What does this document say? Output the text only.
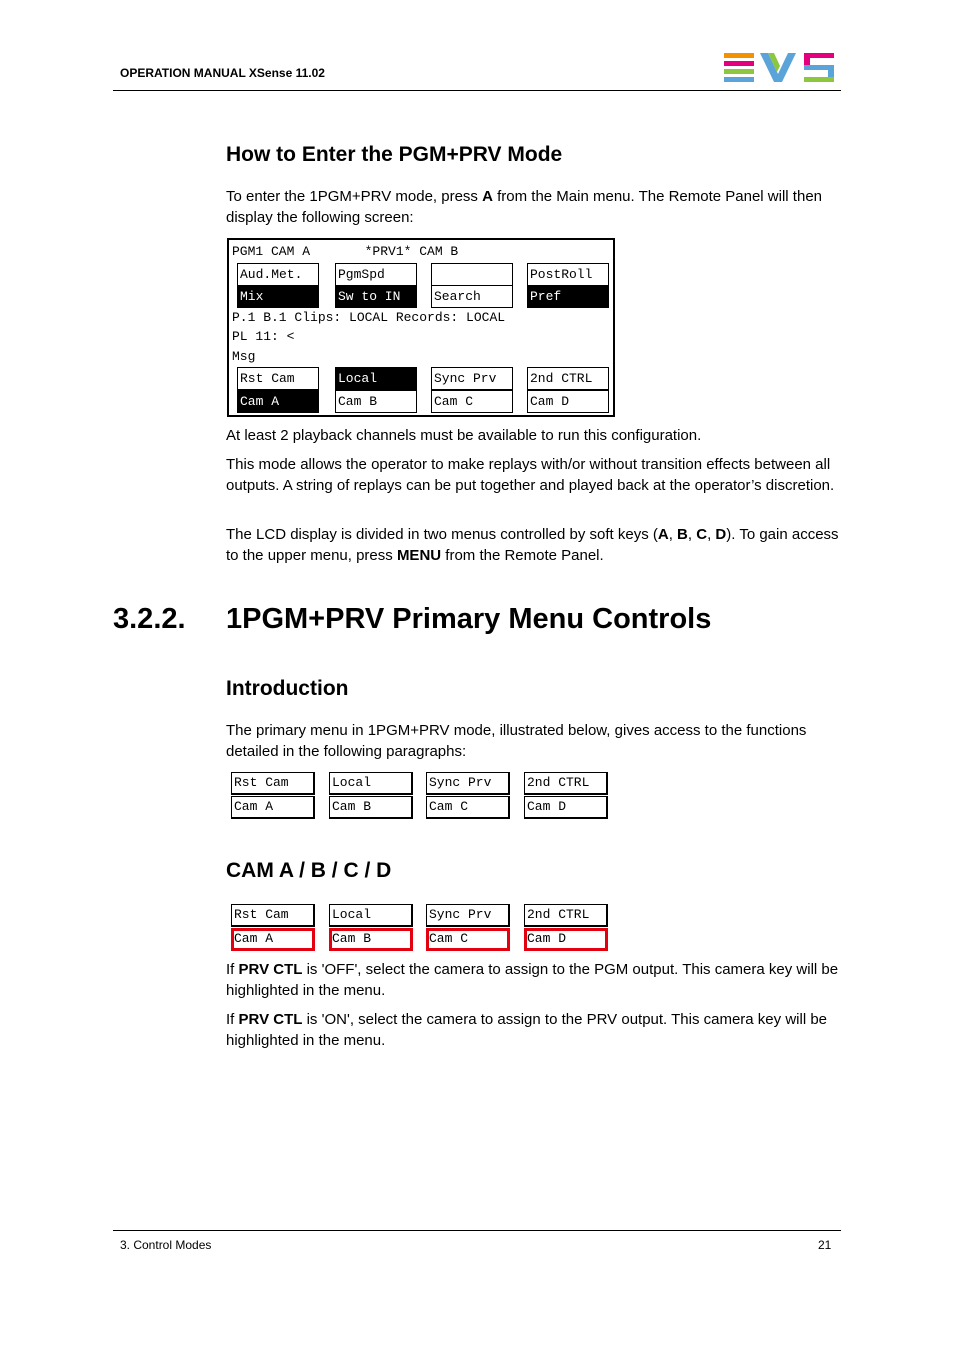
OPERATION MANUAL XSense 11.02
How to Enter the PGM+PRV Mode
To enter the 1PGM+PRV mode, press A from the Main menu. The Remote Panel will then display the following screen:
PGM1 CAM A       *PRV1* CAM B
Aud.Met.
Mix
PgmSpd
Sw to IN	Search
PostRoll
Pref
P.1 B.1 Clips: LOCAL Records: LOCAL
PL 11: <
Msg
Rst Cam
Cam A
Local
Cam B
Sync Prv
Cam C
2nd CTRL
Cam D
At least 2 playback channels must be available to run this configuration.
This mode allows the operator to make replays with/or without transition effects between all outputs. A string of replays can be put together and played back at the operator’s discretion.
The LCD display is divided in two menus controlled by soft keys (A, B, C, D). To gain access to the upper menu, press MENU from the Remote Panel.
3.2.2. 1PGM+PRV Primary Menu Controls
Introduction
The primary menu in 1PGM+PRV mode, illustrated below, gives access to the functions detailed in the following paragraphs:
Rst Cam
Cam A
Local
Cam B
Sync Prv
Cam C
2nd CTRL
Cam D
CAM A / B / C / D
Rst Cam
Cam A
Local
Cam B
Sync Prv
Cam C
2nd CTRL
Cam D
If PRV CTL is 'OFF', select the camera to assign to the PGM output. This camera key will be highlighted in the menu.
If PRV CTL is 'ON', select the camera to assign to the PRV output. This camera key will be highlighted in the menu.
3. Control Modes	21
